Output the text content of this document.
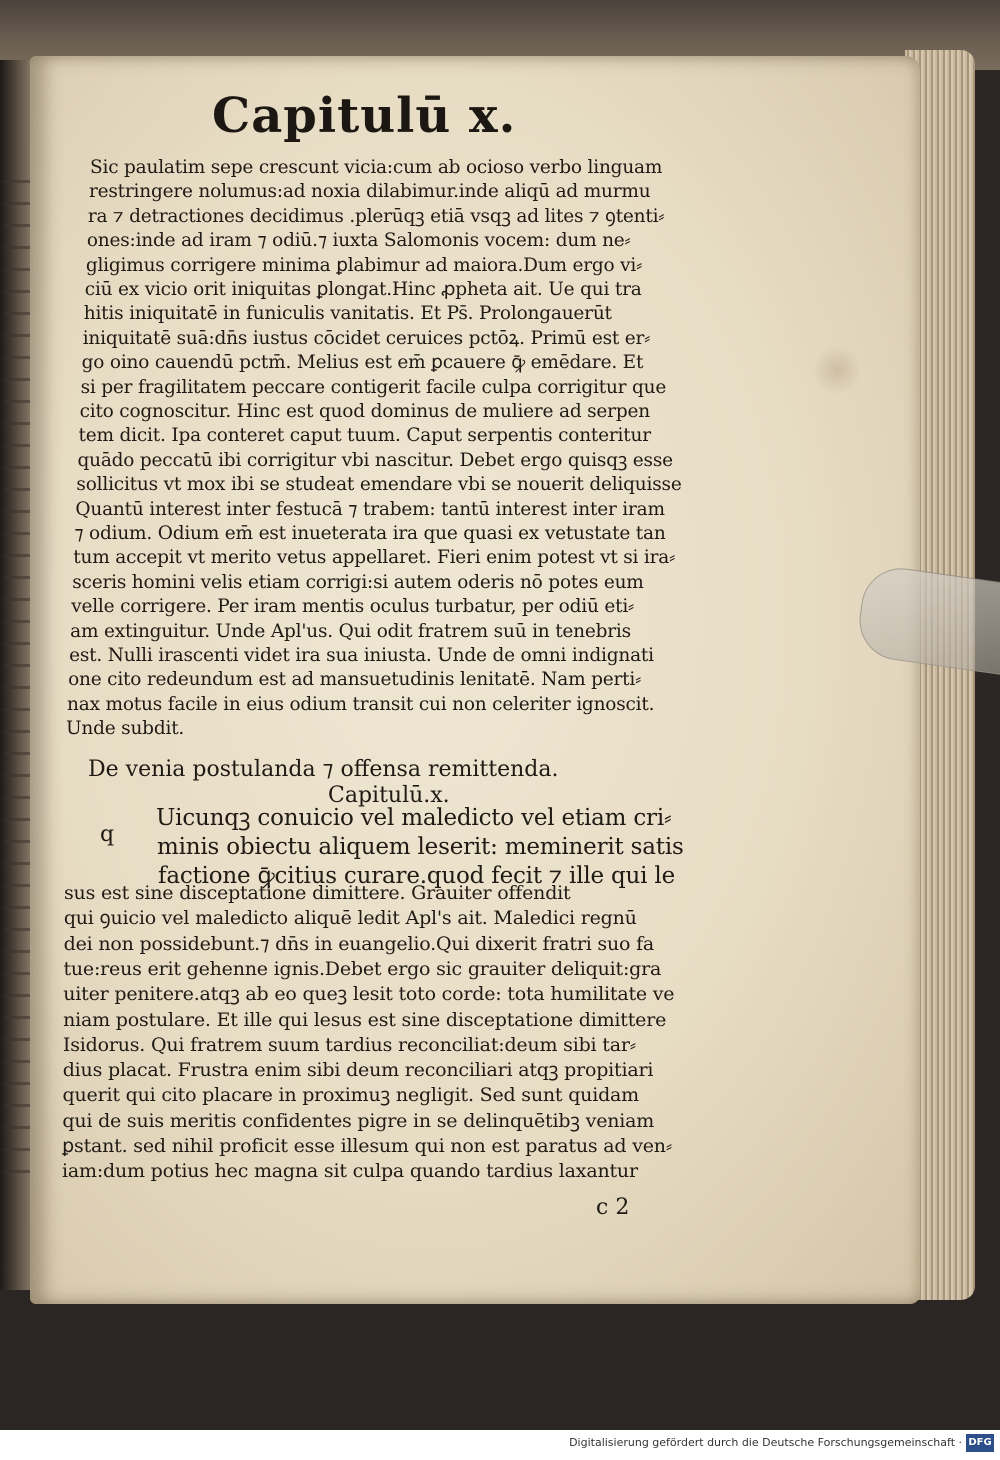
Capitulū x.

Sic paulatim sepe crescunt vicia:cum ab ocioso verbo linguam

restringere nolumus:ad noxia dilabimur.inde aliqū ad murmu

ra ⁊ detractiones decidimus .plerūqꝫ etiā vsqꝫ ad lites ⁊ ꝯtenti⸗

ones:inde ad iram ⁊ odiū.⁊ iuxta Salomonis vocem: dum ne⸗

gligimus corrigere minima ꝑlabimur ad maiora.Dum ergo vi⸗

ciū ex vicio orit iniquitas ꝑlongat.Hinc ꝓpheta ait. Ue qui tra

hitis iniquitatē in funiculis vanitatis. Et Ps̄. Prolongauerūt

iniquitatē suā:dn̄s iustus cōcidet ceruices pctōꝝ. Primū est er⸗

go oino cauendū pctm̄. Melius est em̄ ꝑcauere ꝙ̄ emēdare. Et

si per fragilitatem peccare contigerit facile culpa corrigitur que

cito cognoscitur. Hinc est quod dominus de muliere ad serpen

tem dicit. Ipa conteret caput tuum. Caput serpentis conteritur

quādo peccatū ibi corrigitur vbi nascitur. Debet ergo quisqꝫ esse

sollicitus vt mox ibi se studeat emendare vbi se nouerit deliquisse

Quantū interest inter festucā ⁊ trabem: tantū interest inter iram

⁊ odium. Odium em̄ est inueterata ira que quasi ex vetustate tan

tum accepit vt merito vetus appellaret. Fieri enim potest vt si ira⸗

sceris homini velis etiam corrigi:si autem oderis nō potes eum

velle corrigere. Per iram mentis oculus turbatur, per odiū eti⸗

am extinguitur. Unde Apl'us. Qui odit fratrem suū in tenebris

est. Nulli irascenti videt ira sua iniusta. Unde de omni indignati

one cito redeundum est ad mansuetudinis lenitatē. Nam perti⸗

nax motus facile in eius odium transit cui non celeriter ignoscit.

Unde subdit.

De venia postulanda ⁊ offensa remittenda.

Capitulū.x.

q

Uicunqꝫ conuicio vel maledicto vel etiam cri⸗

minis obiectu aliquem leserit: meminerit satis

factione ꝙ̄citius curare.quod fecit ⁊ ille qui le

sus est sine disceptatione dimittere. Grauiter offendit

qui ꝯuicio vel maledicto aliquē ledit Apl's ait. Maledici regnū

dei non possidebunt.⁊ dn̄s in euangelio.Qui dixerit fratri suo fa

tue:reus erit gehenne ignis.Debet ergo sic grauiter deliquit:gra

uiter penitere.atqꝫ ab eo queꝫ lesit toto corde: tota humilitate ve

niam postulare. Et ille qui lesus est sine disceptatione dimittere

Isidorus. Qui fratrem suum tardius reconciliat:deum sibi tar⸗

dius placat. Frustra enim sibi deum reconciliari atqꝫ propitiari

querit qui cito placare in proximuꝫ negligit. Sed sunt quidam

qui de suis meritis confidentes pigre in se delinquētibꝫ veniam

ꝑstant. sed nihil proficit esse illesum qui non est paratus ad ven⸗

iam:dum potius hec magna sit culpa quando tardius laxantur

c 2

Digitalisierung gefördert durch die Deutsche Forschungsgemeinschaft · DFG
